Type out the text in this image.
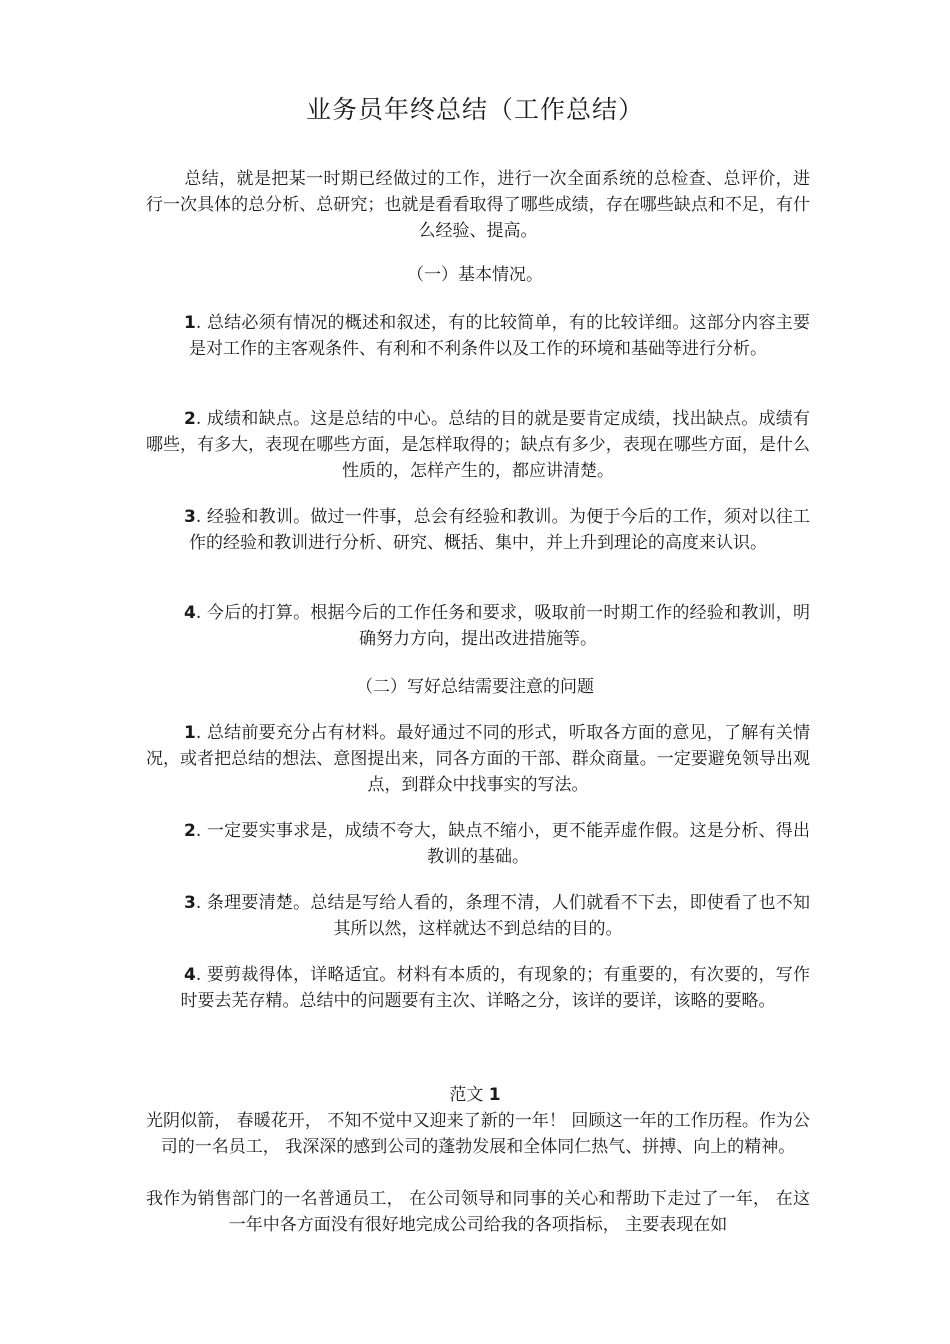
业务员年终总结（工作总结）
总结，就是把某一时期已经做过的工作，进行一次全面系统的总检查、总评价，进行一次具体的总分析、总研究；也就是看看取得了哪些成绩，存在哪些缺点和不足，有什么经验、提高。
（一）基本情况。
1. 总结必须有情况的概述和叙述，有的比较简单，有的比较详细。这部分内容主要是对工作的主客观条件、有利和不利条件以及工作的环境和基础等进行分析。
2. 成绩和缺点。这是总结的中心。总结的目的就是要肯定成绩，找出缺点。成绩有哪些，有多大，表现在哪些方面，是怎样取得的；缺点有多少，表现在哪些方面，是什么性质的，怎样产生的，都应讲清楚。
3. 经验和教训。做过一件事，总会有经验和教训。为便于今后的工作，须对以往工作的经验和教训进行分析、研究、概括、集中，并上升到理论的高度来认识。
4. 今后的打算。根据今后的工作任务和要求，吸取前一时期工作的经验和教训，明确努力方向，提出改进措施等。
（二）写好总结需要注意的问题
1. 总结前要充分占有材料。最好通过不同的形式，听取各方面的意见，了解有关情况，或者把总结的想法、意图提出来，同各方面的干部、群众商量。一定要避免领导出观点，到群众中找事实的写法。
2. 一定要实事求是，成绩不夸大，缺点不缩小，更不能弄虚作假。这是分析、得出教训的基础。
3. 条理要清楚。总结是写给人看的，条理不清，人们就看不下去，即使看了也不知其所以然，这样就达不到总结的目的。
4. 要剪裁得体，详略适宜。材料有本质的，有现象的；有重要的，有次要的，写作时要去芜存精。总结中的问题要有主次、详略之分，该详的要详，该略的要略。
范文 1
光阴似箭， 春暖花开， 不知不觉中又迎来了新的一年！ 回顾这一年的工作历程。作为公司的一名员工， 我深深的感到公司的蓬勃发展和全体同仁热气、拼搏、向上的精神。
我作为销售部门的一名普通员工， 在公司领导和同事的关心和帮助下走过了一年， 在这一年中各方面没有很好地完成公司给我的各项指标， 主要表现在如
